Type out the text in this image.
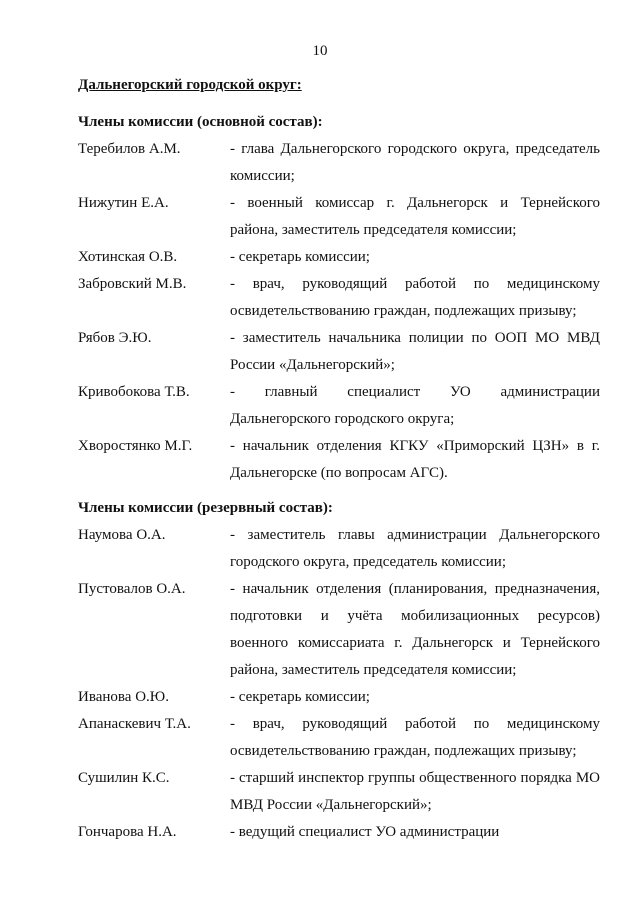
10
Дальнегорский городской округ:
Члены комиссии (основной состав):
Теребилов А.М.	- глава Дальнегорского городского округа, председатель комиссии;
Нижутин Е.А.	- военный комиссар г. Дальнегорск и Тернейского района, заместитель председателя комиссии;
Хотинская О.В.	- секретарь комиссии;
Забровский М.В.	- врач, руководящий работой по медицинскому освидетельствованию граждан, подлежащих призыву;
Рябов Э.Ю.	- заместитель начальника полиции по ООП МО МВД России «Дальнегорский»;
Кривобокова Т.В.	- главный специалист УО администрации Дальнегорского городского округа;
Хворостянко М.Г.	- начальник отделения КГКУ «Приморский ЦЗН» в г. Дальнегорске (по вопросам АГС).
Члены комиссии (резервный состав):
Наумова О.А.	- заместитель главы администрации Дальнегорского городского округа, председатель комиссии;
Пустовалов О.А.	- начальник отделения (планирования, предназначения, подготовки и учёта мобилизационных ресурсов) военного комиссариата г. Дальнегорск и Тернейского района, заместитель председателя комиссии;
Иванова О.Ю.	- секретарь комиссии;
Апанаскевич Т.А.	- врач, руководящий работой по медицинскому освидетельствованию граждан, подлежащих призыву;
Сушилин К.С.	- старший инспектор группы общественного порядка МО МВД России «Дальнегорский»;
Гончарова Н.А.	- ведущий специалист УО администрации
